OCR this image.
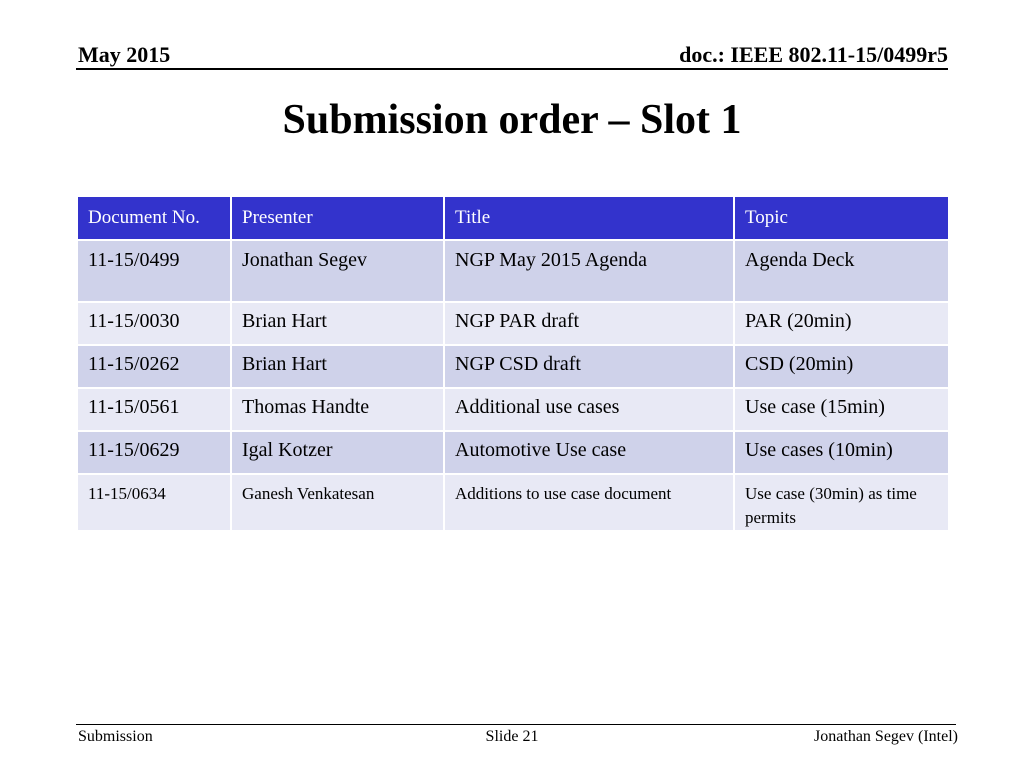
May 2015	doc.: IEEE 802.11-15/0499r5
Submission order – Slot 1
Document No.	Presenter	Title	Topic
11-15/0499	Jonathan Segev	NGP May 2015 Agenda	Agenda Deck
11-15/0030	Brian Hart	NGP PAR draft	PAR (20min)
11-15/0262	Brian Hart	NGP CSD draft	CSD (20min)
11-15/0561	Thomas Handte	Additional use cases	Use case (15min)
11-15/0629	Igal Kotzer	Automotive Use case	Use cases (10min)
11-15/0634	Ganesh Venkatesan	Additions to use case document	Use case (30min) as time permits
Submission	Slide 21	Jonathan Segev (Intel)
